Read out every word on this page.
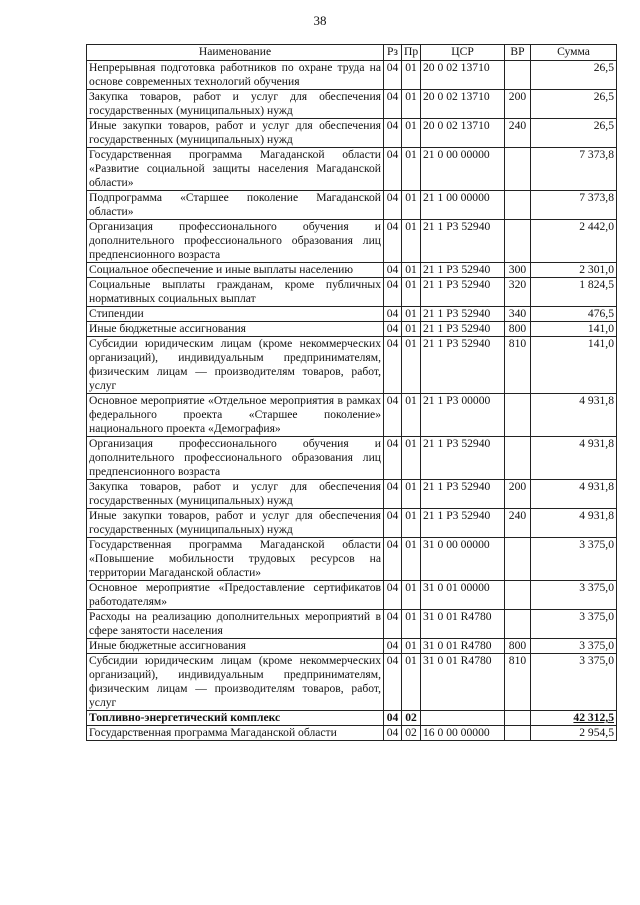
38
Наименование	Рз	Пр	ЦСР	ВР	Сумма
Непрерывная подготовка работников по охране труда на основе современных технологий обучения	04	01	20 0 02 13710		26,5
Закупка товаров, работ и услуг для обеспечения государственных (муниципальных) нужд	04	01	20 0 02 13710	200	26,5
Иные закупки товаров, работ и услуг для обеспечения государственных (муниципальных) нужд	04	01	20 0 02 13710	240	26,5
Государственная программа Магаданской области «Развитие социальной защиты населения Магаданской области»	04	01	21 0 00 00000		7 373,8
Подпрограмма «Старшее поколение Магаданской области»	04	01	21 1 00 00000		7 373,8
Организация профессионального обучения и дополнительного профессионального образования лиц предпенсионного возраста	04	01	21 1 P3 52940		2 442,0
Социальное обеспечение и иные выплаты населению	04	01	21 1 P3 52940	300	2 301,0
Социальные выплаты гражданам, кроме публичных нормативных социальных выплат	04	01	21 1 P3 52940	320	1 824,5
Стипендии	04	01	21 1 P3 52940	340	476,5
Иные бюджетные ассигнования	04	01	21 1 P3 52940	800	141,0
Субсидии юридическим лицам (кроме некоммерческих организаций), индивидуальным предпринимателям, физическим лицам — производителям товаров, работ, услуг	04	01	21 1 P3 52940	810	141,0
Основное мероприятие «Отдельное мероприятия в рамках федерального проекта «Старшее поколение» национального проекта «Демография»	04	01	21 1 P3 00000		4 931,8
Организация профессионального обучения и дополнительного профессионального образования лиц предпенсионного возраста	04	01	21 1 P3 52940		4 931,8
Закупка товаров, работ и услуг для обеспечения государственных (муниципальных) нужд	04	01	21 1 P3 52940	200	4 931,8
Иные закупки товаров, работ и услуг для обеспечения государственных (муниципальных) нужд	04	01	21 1 P3 52940	240	4 931,8
Государственная программа Магаданской области «Повышение мобильности трудовых ресурсов на территории Магаданской области»	04	01	31 0 00 00000		3 375,0
Основное мероприятие «Предоставление сертификатов работодателям»	04	01	31 0 01 00000		3 375,0
Расходы на реализацию дополнительных мероприятий в сфере занятости населения	04	01	31 0 01 R4780		3 375,0
Иные бюджетные ассигнования	04	01	31 0 01 R4780	800	3 375,0
Субсидии юридическим лицам (кроме некоммерческих организаций), индивидуальным предпринимателям, физическим лицам — производителям товаров, работ, услуг	04	01	31 0 01 R4780	810	3 375,0
Топливно-энергетический комплекс	04	02			42 312,5
Государственная программа Магаданской области	04	02	16 0 00 00000		2 954,5
